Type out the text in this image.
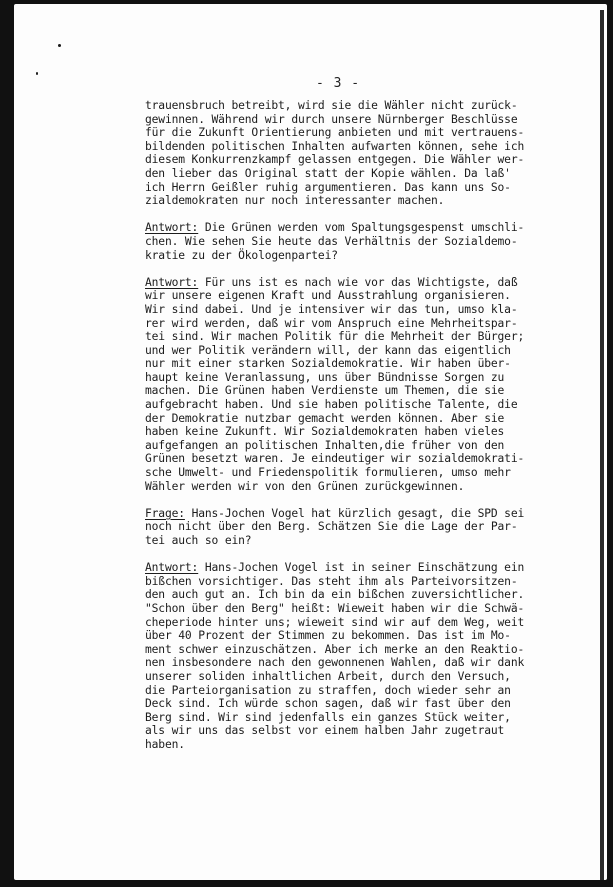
- 3 -
trauensbruch betreibt, wird sie die Wähler nicht zurück-
gewinnen. Während wir durch unsere Nürnberger Beschlüsse
für die Zukunft Orientierung anbieten und mit vertrauens-
bildenden politischen Inhalten aufwarten können, sehe ich
diesem Konkurrenzkampf gelassen entgegen. Die Wähler wer-
den lieber das Original statt der Kopie wählen. Da laß'
ich Herrn Geißler ruhig argumentieren. Das kann uns So-
zialdemokraten nur noch interessanter machen.
Antwort: Die Grünen werden vom Spaltungsgespenst umschli-
chen. Wie sehen Sie heute das Verhältnis der Sozialdemo-
kratie zu der Ökologenpartei?
Antwort: Für uns ist es nach wie vor das Wichtigste, daß
wir unsere eigenen Kraft und Ausstrahlung organisieren.
Wir sind dabei. Und je intensiver wir das tun, umso kla-
rer wird werden, daß wir vom Anspruch eine Mehrheitspar-
tei sind. Wir machen Politik für die Mehrheit der Bürger;
und wer Politik verändern will, der kann das eigentlich
nur mit einer starken Sozialdemokratie. Wir haben über-
haupt keine Veranlassung, uns über Bündnisse Sorgen zu
machen. Die Grünen haben Verdienste um Themen, die sie
aufgebracht haben. Und sie haben politische Talente, die
der Demokratie nutzbar gemacht werden können. Aber sie
haben keine Zukunft. Wir Sozialdemokraten haben vieles
aufgefangen an politischen Inhalten,die früher von den
Grünen besetzt waren. Je eindeutiger wir sozialdemokrati-
sche Umwelt- und Friedenspolitik formulieren, umso mehr
Wähler werden wir von den Grünen zurückgewinnen.
Frage: Hans-Jochen Vogel hat kürzlich gesagt, die SPD sei
noch nicht über den Berg. Schätzen Sie die Lage der Par-
tei auch so ein?
Antwort: Hans-Jochen Vogel ist in seiner Einschätzung ein
bißchen vorsichtiger. Das steht ihm als Parteivorsitzen-
den auch gut an. Ich bin da ein bißchen zuversichtlicher.
"Schon über den Berg" heißt: Wieweit haben wir die Schwä-
cheperiode hinter uns; wieweit sind wir auf dem Weg, weit
über 40 Prozent der Stimmen zu bekommen. Das ist im Mo-
ment schwer einzuschätzen. Aber ich merke an den Reaktio-
nen insbesondere nach den gewonnenen Wahlen, daß wir dank
unserer soliden inhaltlichen Arbeit, durch den Versuch,
die Parteiorganisation zu straffen, doch wieder sehr an
Deck sind. Ich würde schon sagen, daß wir fast über den
Berg sind. Wir sind jedenfalls ein ganzes Stück weiter,
als wir uns das selbst vor einem halben Jahr zugetraut
haben.
